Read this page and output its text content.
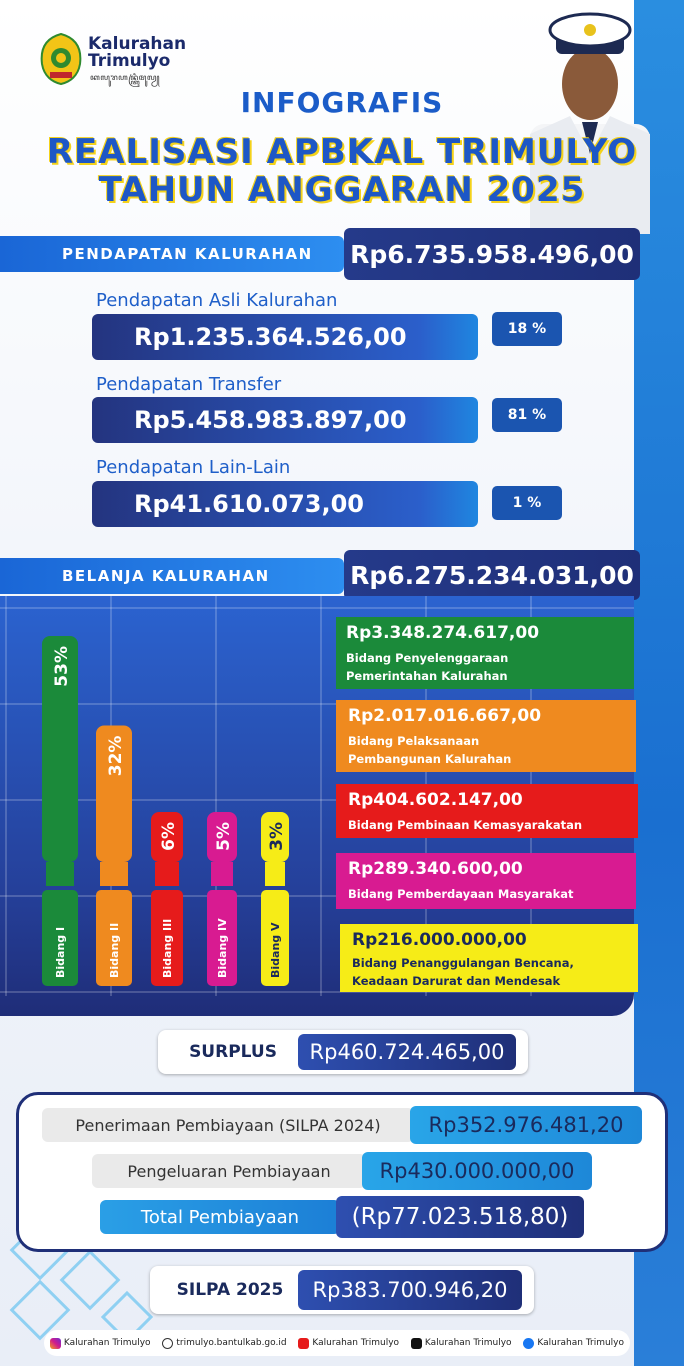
Kalurahan
Trimulyo
ꦏꦭꦸꦫꦲꦤ꧀ꦠꦿꦶꦩꦸꦭꦾ
INFOGRAFIS
REALISASI APBKAL TRIMULYO
TAHUN ANGGARAN 2025
PENDAPATAN KALURAHAN	Rp6.735.958.496,00
Pendapatan Asli Kalurahan
Rp1.235.364.526,00	18 %
Pendapatan Transfer
Rp5.458.983.897,00	81 %
Pendapatan Lain-Lain
Rp41.610.073,00	1 %
BELANJA KALURAHAN	Rp6.275.234.031,00
53%
Bidang I
32%
Bidang II
6%
Bidang III
5%
Bidang IV
3%
Bidang V
Rp3.348.274.617,00
Bidang Penyelenggaraan
Pemerintahan Kalurahan
Rp2.017.016.667,00
Bidang Pelaksanaan
Pembangunan Kalurahan
Rp404.602.147,00
Bidang Pembinaan Kemasyarakatan
Rp289.340.600,00
Bidang Pemberdayaan Masyarakat
Rp216.000.000,00
Bidang Penanggulangan Bencana,
Keadaan Darurat dan Mendesak
SURPLUS	Rp460.724.465,00
Penerimaan Pembiayaan (SILPA 2024)	Rp352.976.481,20
Pengeluaran Pembiayaan	Rp430.000.000,00
Total Pembiayaan	(Rp77.023.518,80)
SILPA 2025	Rp383.700.946,20
Kalurahan Trimulyo	trimulyo.bantulkab.go.id	Kalurahan Trimulyo	Kalurahan Trimulyo	Kalurahan Trimulyo
